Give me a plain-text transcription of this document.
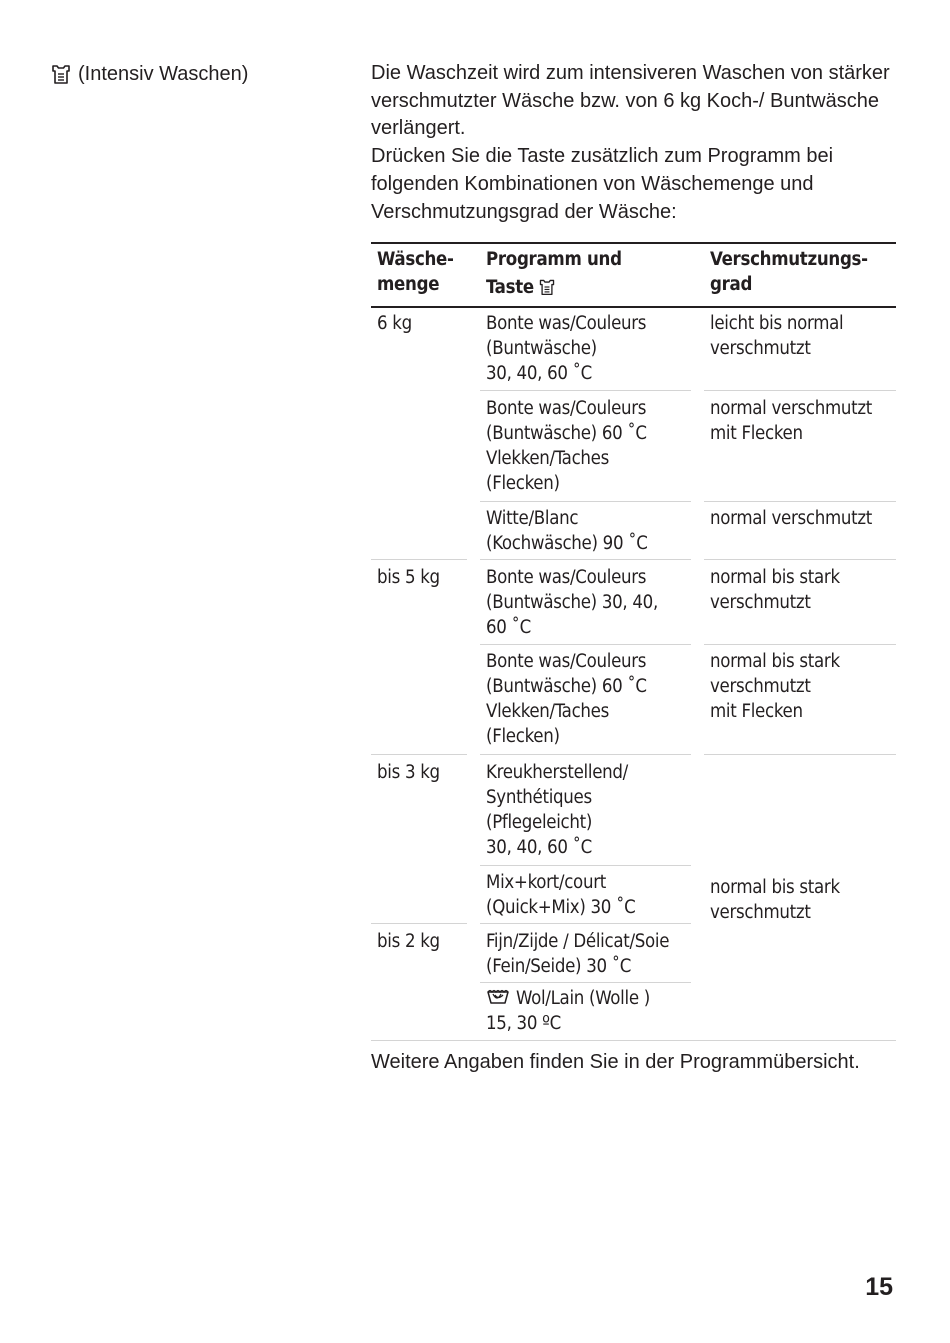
(Intensiv Waschen)	Die Waschzeit wird zum intensiveren Waschen von stärker verschmutzter Wäsche bzw. von 6 kg Koch-/ Buntwäsche verlängert.

Drücken Sie die Taste zusätzlich zum Programm bei folgenden Kombinationen von Wäschemenge und Verschmutzungsgrad der Wäsche:

Wäsche-
menge
Programm und
Taste
Verschmutzungs-
grad
6 kg
bis 5 kg
bis 3 kg
bis 2 kg
Bonte was/Couleurs
(Buntwäsche)
30, 40, 60 ˚C
Bonte was/Couleurs
(Buntwäsche) 60 ˚C
Vlekken/Taches
(Flecken)
Witte/Blanc
(Kochwäsche) 90 ˚C
Bonte was/Couleurs
(Buntwäsche) 30, 40,
60 ˚C
Bonte was/Couleurs
(Buntwäsche) 60 ˚C
Vlekken/Taches
(Flecken)
Kreukherstellend/
Synthétiques
(Pflegeleicht)
30, 40, 60 ˚C
Mix+kort/court
(Quick+Mix) 30 ˚C
Fijn/Zijde / Délicat/Soie
(Fein/Seide) 30 ˚C
Wol/Lain (Wolle )
15, 30 ºC
leicht bis normal
verschmutzt
normal verschmutzt
mit Flecken
normal verschmutzt
normal bis stark
verschmutzt
normal bis stark
verschmutzt
mit Flecken
normal bis stark
verschmutzt
Weitere Angaben finden Sie in der Programmübersicht.
15
